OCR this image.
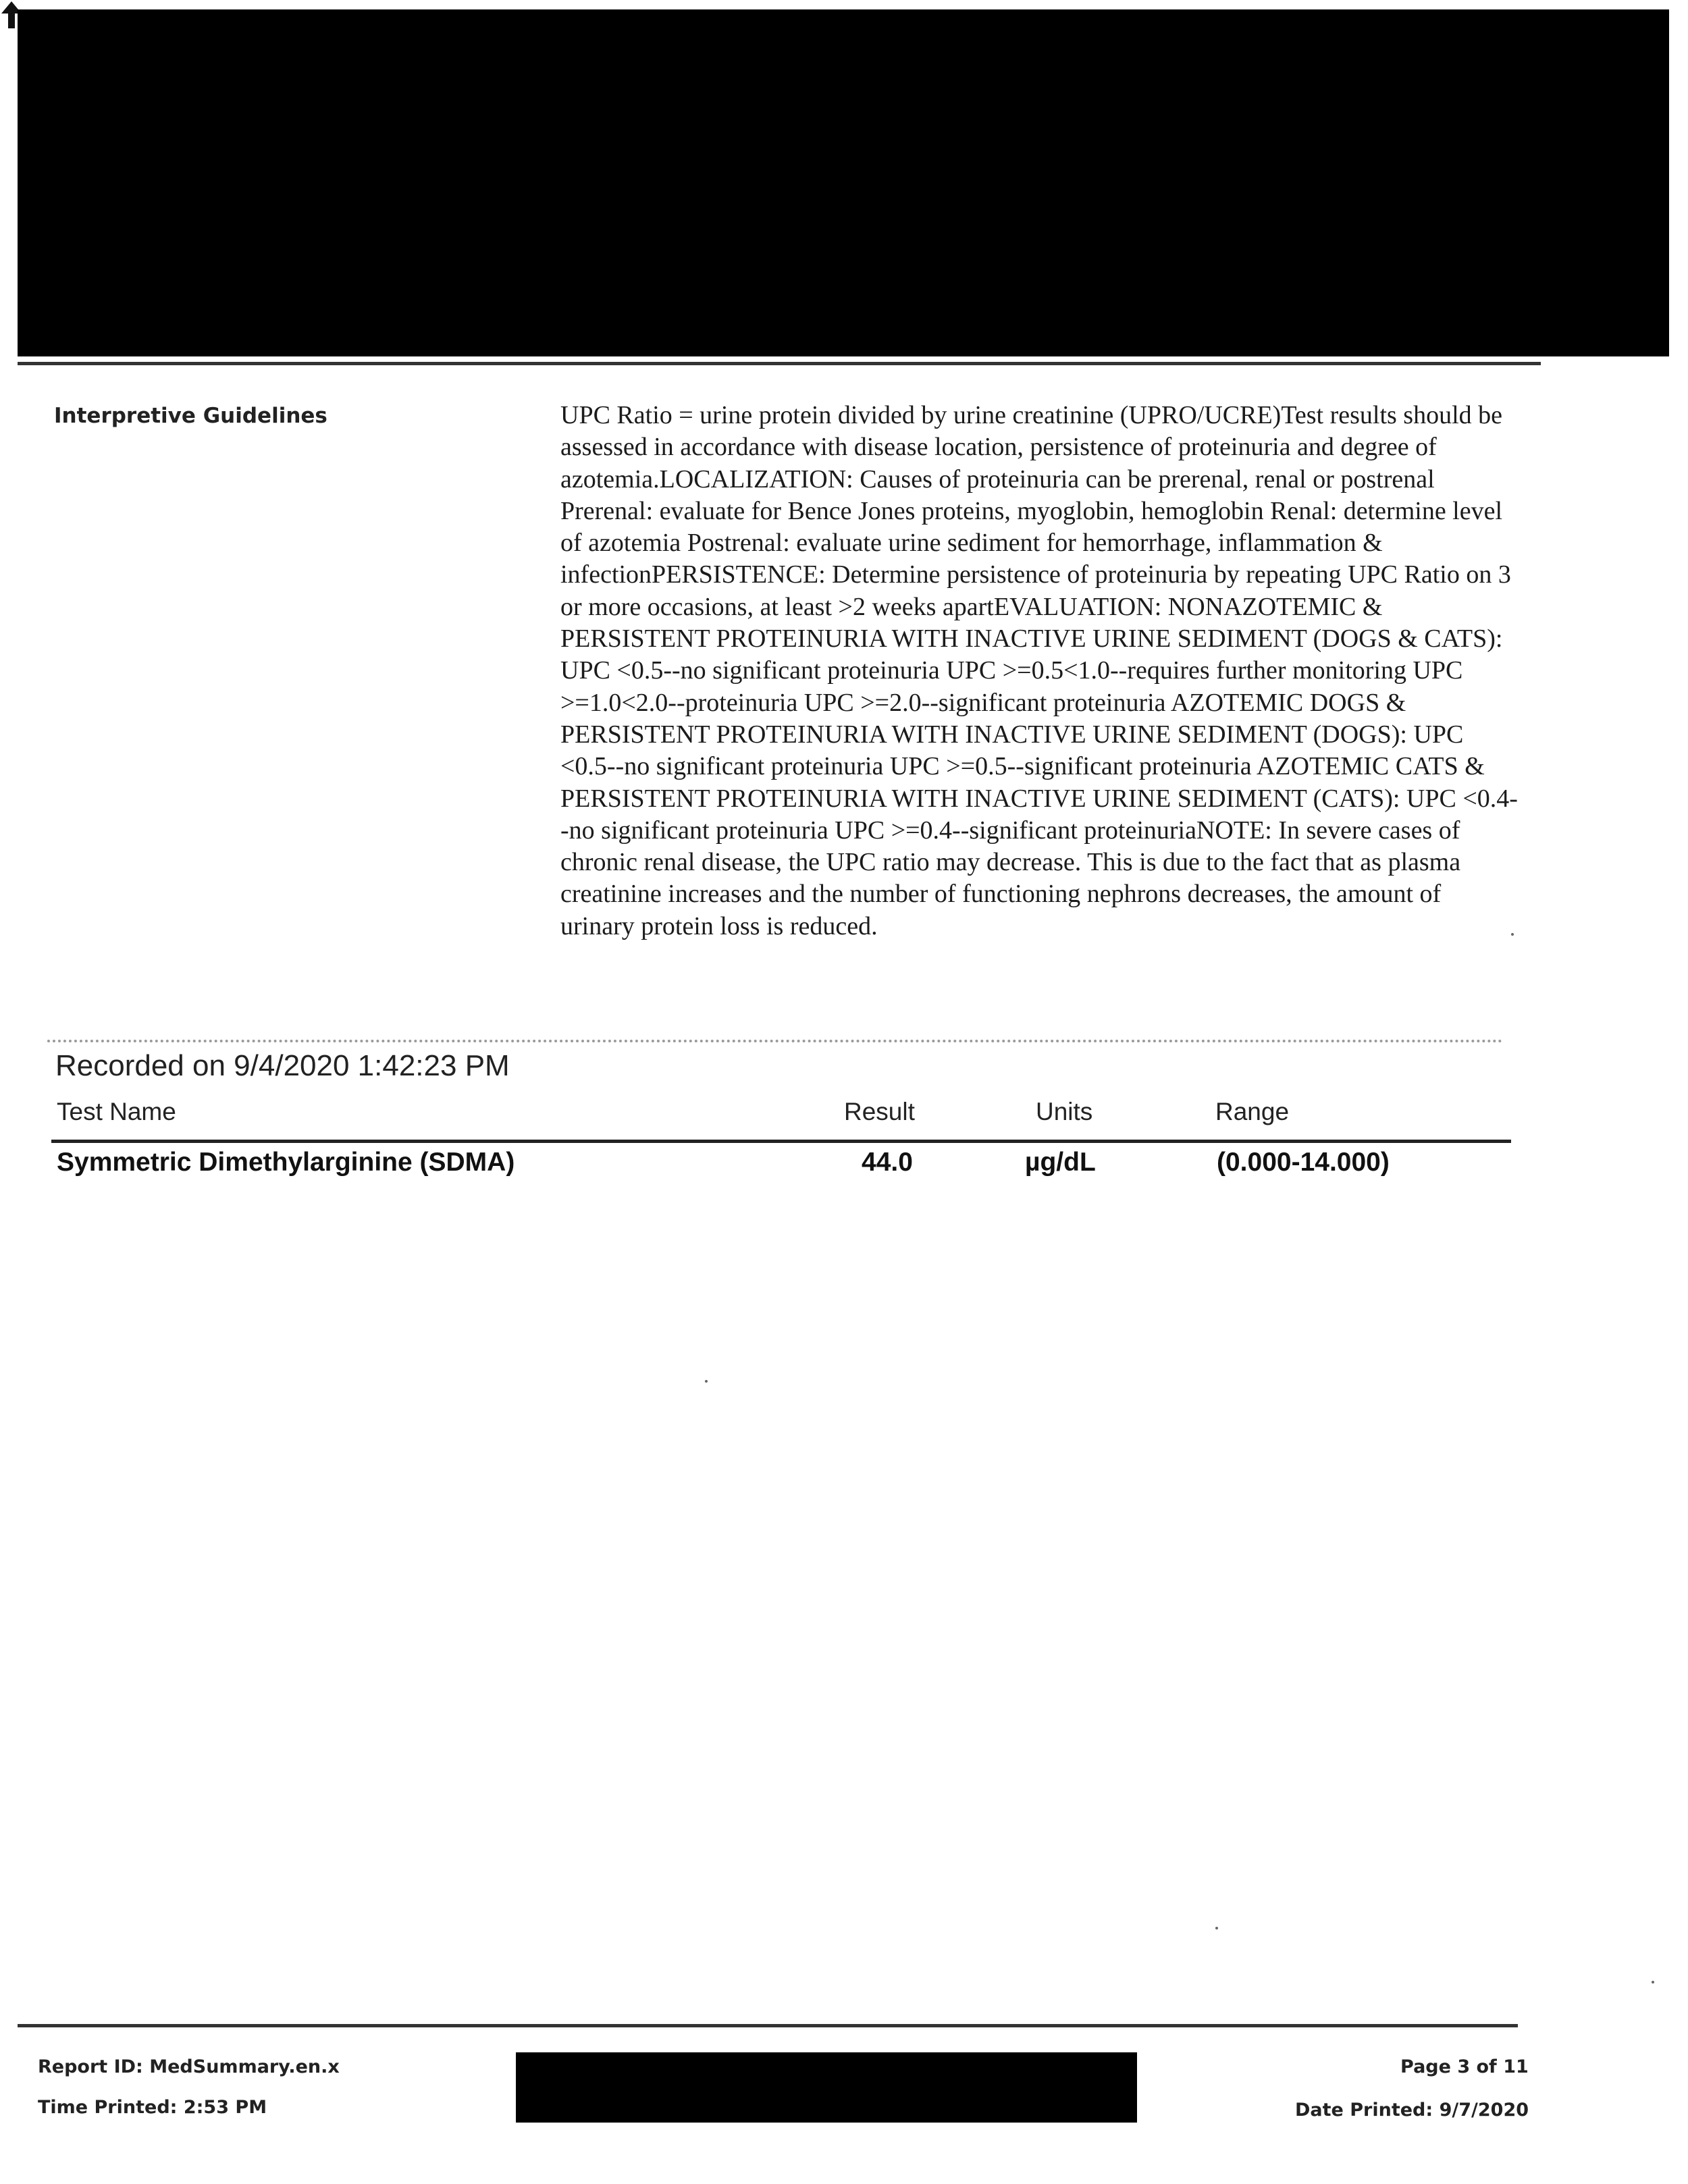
Interpretive Guidelines	UPC Ratio = urine protein divided by urine creatinine (UPRO/UCRE)Test results should be assessed in accordance with disease location, persistence of proteinuria and degree of azotemia.LOCALIZATION: Causes of proteinuria can be prerenal, renal or postrenal Prerenal: evaluate for Bence Jones proteins, myoglobin, hemoglobin Renal: determine level of azotemia Postrenal: evaluate urine sediment for hemorrhage, inflammation & infectionPERSISTENCE: Determine persistence of proteinuria by repeating UPC Ratio on 3 or more occasions, at least >2 weeks apartEVALUATION: NONAZOTEMIC & PERSISTENT PROTEINURIA WITH INACTIVE URINE SEDIMENT (DOGS & CATS): UPC <0.5--no significant proteinuria UPC >=0.5<1.0--requires further monitoring UPC >=1.0<2.0--proteinuria UPC >=2.0--significant proteinuria AZOTEMIC DOGS & PERSISTENT PROTEINURIA WITH INACTIVE URINE SEDIMENT (DOGS): UPC <0.5--no significant proteinuria UPC >=0.5--significant proteinuria AZOTEMIC CATS & PERSISTENT PROTEINURIA WITH INACTIVE URINE SEDIMENT (CATS): UPC <0.4--no significant proteinuria UPC >=0.4--significant proteinuriaNOTE: In severe cases of chronic renal disease, the UPC ratio may decrease. This is due to the fact that as plasma creatinine increases and the number of functioning nephrons decreases, the amount of urinary protein loss is reduced.
Recorded on 9/4/2020 1:42:23 PM
Test Name	Result	Units	Range
Symmetric Dimethylarginine (SDMA)	44.0	µg/dL	(0.000-14.000)
Report ID: MedSummary.en.x
Time Printed: 2:53 PM
Page 3 of 11
Date Printed: 9/7/2020
